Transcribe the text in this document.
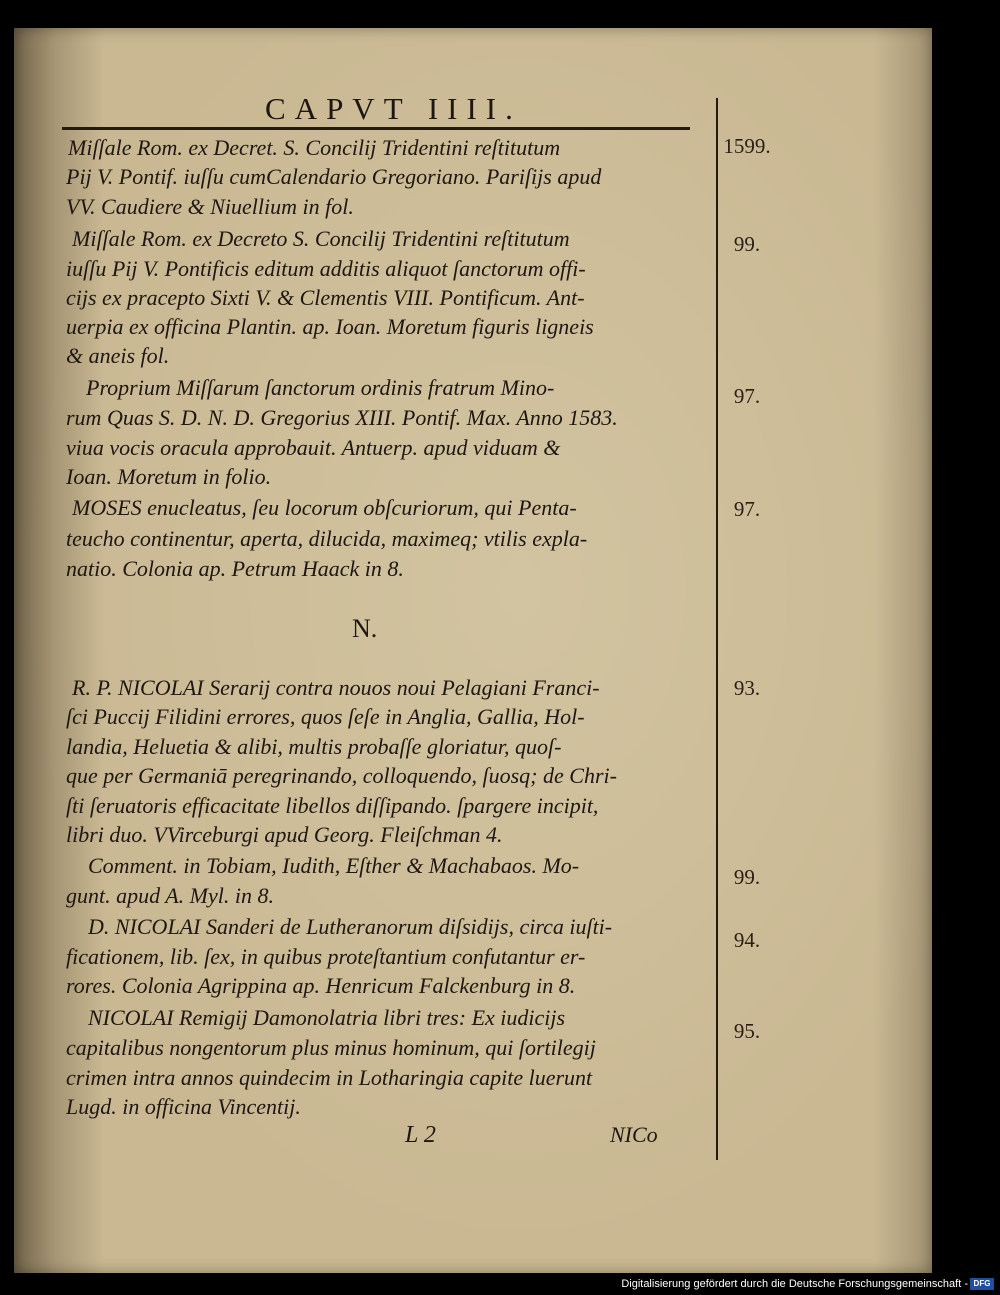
CAPVT IIII.
Miſſale Rom. ex Decret. S. Concilij Tridentini reſtitutum
Pij V. Pontif. iuſſu cumCalendario Gregoriano. Pariſijs apud
VV. Caudiere & Niuellium in fol.
Miſſale Rom. ex Decreto S. Concilij Tridentini reſtitutum
iuſſu Pij V. Pontificis editum additis aliquot ſanctorum offi-
cijs ex pracepto Sixti V. & Clementis VIII. Pontificum. Ant-
uerpia ex officina Plantin. ap. Ioan. Moretum figuris ligneis
& aneis fol.
Proprium Miſſarum ſanctorum ordinis fratrum Mino-
rum Quas S. D. N. D. Gregorius XIII. Pontif. Max. Anno 1583.
viua vocis oracula approbauit. Antuerp. apud viduam &
Ioan. Moretum in folio.
MOSES enucleatus, ſeu locorum obſcuriorum, qui Penta-
teucho continentur, aperta, dilucida, maximeq; vtilis expla-
natio. Colonia ap. Petrum Haack in 8.
N.
R. P. NICOLAI Serarij contra nouos noui Pelagiani Franci-
ſci Puccij Filidini errores, quos ſeſe in Anglia, Gallia, Hol-
landia, Heluetia & alibi, multis probaſſe gloriatur, quoſ-
que per Germaniā peregrinando, colloquendo, ſuosq; de Chri-
ſti ſeruatoris efficacitate libellos diſſipando. ſpargere incipit,
libri duo. VVirceburgi apud Georg. Fleiſchman 4.
Comment. in Tobiam, Iudith, Eſther & Machabaos. Mo-
gunt. apud A. Myl. in 8.
D. NICOLAI Sanderi de Lutheranorum diſsidijs, circa iuſti-
ficationem, lib. ſex, in quibus proteſtantium confutantur er-
rores. Colonia Agrippina ap. Henricum Falckenburg in 8.
NICOLAI Remigij Damonolatria libri tres: Ex iudicijs
capitalibus nongentorum plus minus hominum, qui ſortilegij
crimen intra annos quindecim in Lotharingia capite luerunt
Lugd. in officina Vincentij.
1599.
99.
97.
97.
93.
99.
94.
95.
L 2	NICo
Digitalisierung gefördert durch die Deutsche Forschungsgemeinschaft - DFG
